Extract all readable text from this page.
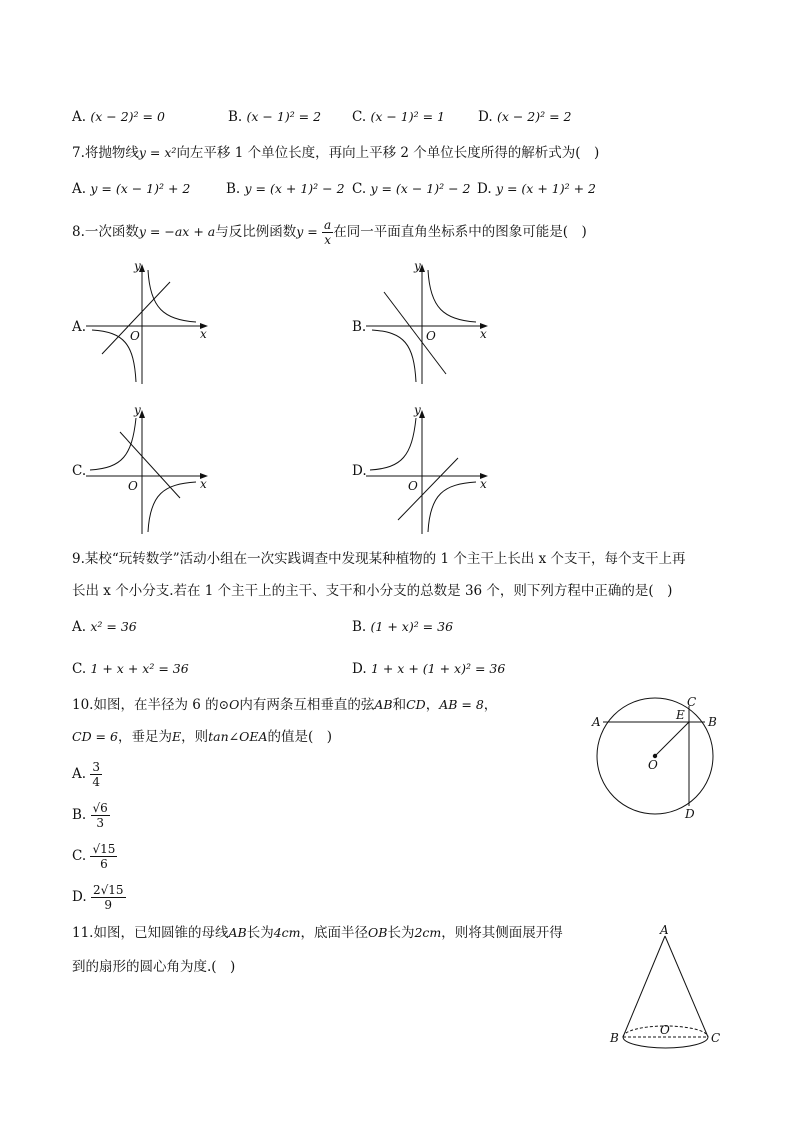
A. (x − 2)² = 0	B. (x − 1)² = 2 C. (x − 1)² = 1 D. (x − 2)² = 2
7.将抛物线y = x²向左平移 1 个单位长度，再向上平移 2 个单位长度所得的解析式为(　)
A. y = (x − 1)² + 2	B. y = (x + 1)² − 2 C. y = (x − 1)² − 2 D. y = (x + 1)² + 2
8.一次函数y = −ax + a与反比例函数$y = \frac{a}{x}$ 在同一平面直角坐标系中的图象可能是(　)
A.
y
x
O
B.
y
x
O
C.
y
x
O
D.
y
x
O
9.某校“玩转数学”活动小组在一次实践调查中发现某种植物的 1 个主干上长出 x 个支干，每个支干上再
长出 x 个小分支.若在 1 个主干上的主干、支干和小分支的总数是 36 个，则下列方程中正确的是(　)
A. x² = 36	B. (1 + x)² = 36
C. 1 + x + x² = 36	D. 1 + x + (1 + x)² = 36
10.如图，在半径为 6 的⊙O内有两条互相垂直的弦AB和CD，AB = 8，
CD = 6，垂足为E，则tan∠OEA的值是(　)
A. $\frac{3}{4}$
B. $\frac{√6}{3}$
C. $\frac{√15}{6}$
D. $\frac{2√15}{9}$
A	B
C
D
E
O
11.如图，已知圆锥的母线AB长为4cm，底面半径OB长为2cm，则将其侧面展开得
到的扇形的圆心角为度.(　)
A
B	C
O
